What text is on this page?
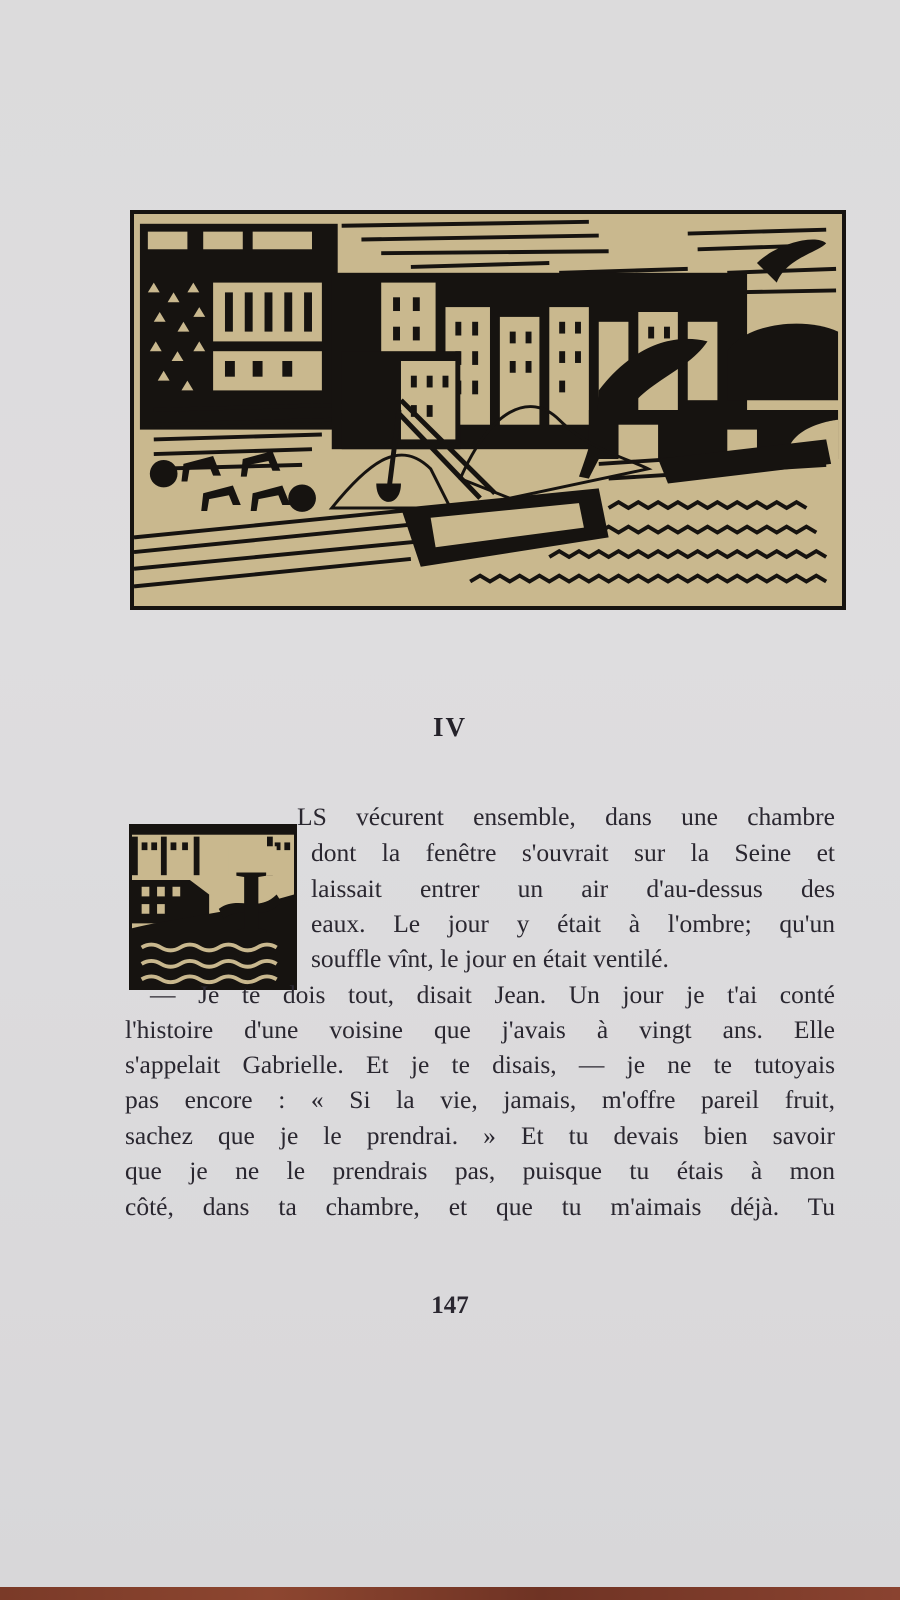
IV
I
LS vécurent ensemble, dans une chambre
dont la fenêtre s'ouvrait sur la Seine et
laissait entrer un air d'au-dessus des
eaux. Le jour y était à l'ombre; qu'un
souffle vînt, le jour en était ventilé.
— Je te dois tout, disait Jean. Un jour je t'ai conté
l'histoire d'une voisine que j'avais à vingt ans. Elle
s'appelait Gabrielle. Et je te disais, — je ne te tutoyais
pas encore : « Si la vie, jamais, m'offre pareil fruit,
sachez que je le prendrai. » Et tu devais bien savoir
que je ne le prendrais pas, puisque tu étais à mon
côté, dans ta chambre, et que tu m'aimais déjà. Tu
147
